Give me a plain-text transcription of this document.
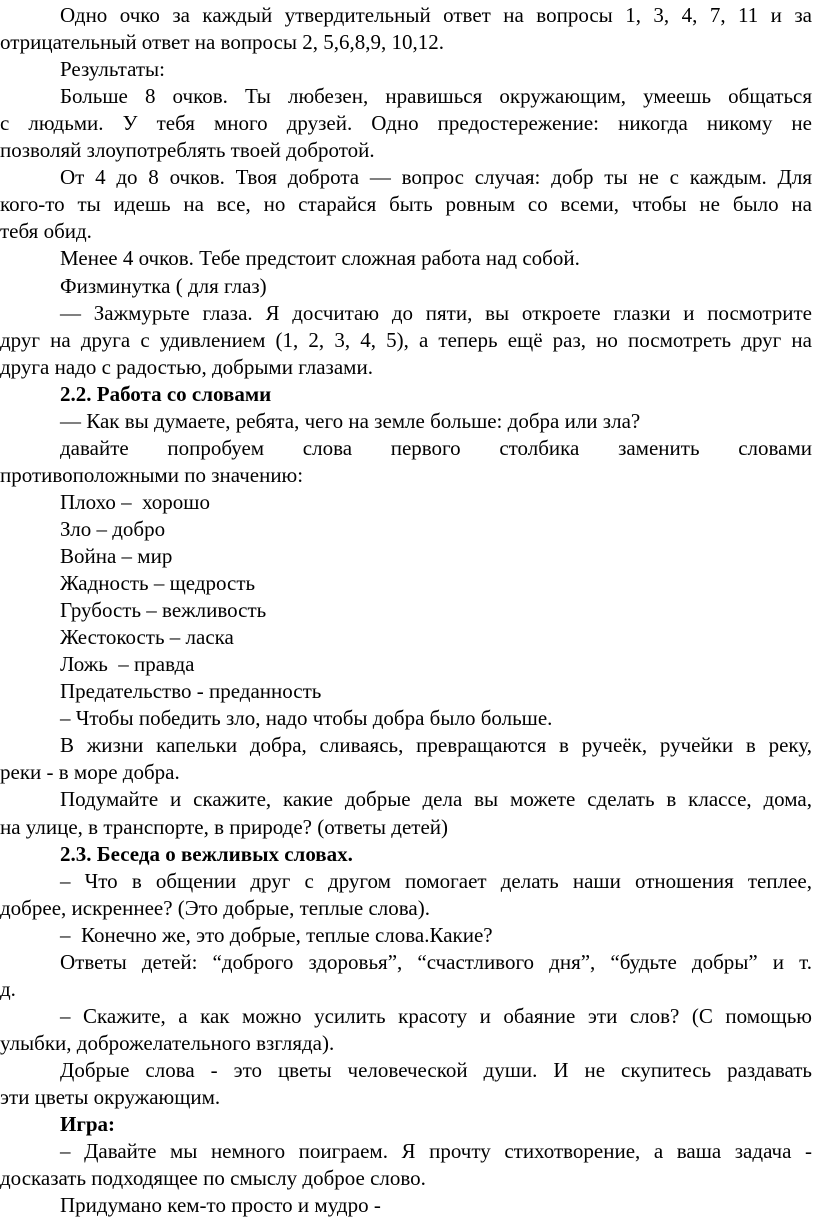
Одно очко за каждый утвердительный ответ на вопросы 1, 3, 4, 7, 11 и за
отрицательный ответ на вопросы 2, 5,6,8,9, 10,12.
Результаты:
Больше 8 очков. Ты любезен, нравишься окружающим, умеешь общаться
с людьми. У тебя много друзей. Одно предостережение: никогда никому не
позволяй злоупотреблять твоей добротой.
От 4 до 8 очков. Твоя доброта — вопрос случая: добр ты не с каждым. Для
кого-то ты идешь на все, но старайся быть ровным со всеми, чтобы не было на
тебя обид.
Менее 4 очков. Тебе предстоит сложная работа над собой.
Физминутка ( для глаз)
— Зажмурьте глаза. Я досчитаю до пяти, вы откроете глазки и посмотрите
друг на друга с удивлением (1, 2, 3, 4, 5), а теперь ещё раз, но посмотреть друг на
друга надо с радостью, добрыми глазами.
2.2. Работа со словами
— Как вы думаете, ребята, чего на земле больше: добра или зла?
давайте попробуем слова первого столбика заменить словами
противоположными по значению:
Плохо –  хорошо
Зло – добро
Война – мир
Жадность – щедрость
Грубость – вежливость
Жестокость – ласка
Ложь  – правда
Предательство - преданность
– Чтобы победить зло, надо чтобы добра было больше.
В жизни капельки добра, сливаясь, превращаются в ручеёк, ручейки в реку,
реки - в море добра.
Подумайте и скажите, какие добрые дела вы можете сделать в классе, дома,
на улице, в транспорте, в природе? (ответы детей)
2.3. Беседа о вежливых словах.
– Что в общении друг с другом помогает делать наши отношения теплее,
добрее, искреннее? (Это добрые, теплые слова).
–  Конечно же, это добрые, теплые слова.Какие?
Ответы детей: “доброго здоровья”, “счастливого дня”, “будьте добры” и т.
д.
– Скажите, а как можно усилить красоту и обаяние эти слов? (С помощью
улыбки, доброжелательного взгляда).
Добрые слова - это цветы человеческой души. И не скупитесь раздавать
эти цветы окружающим.
Игра:
– Давайте мы немного поиграем. Я прочту стихотворение, а ваша задача -
досказать подходящее по смыслу доброе слово.
Придумано кем-то просто и мудро -
